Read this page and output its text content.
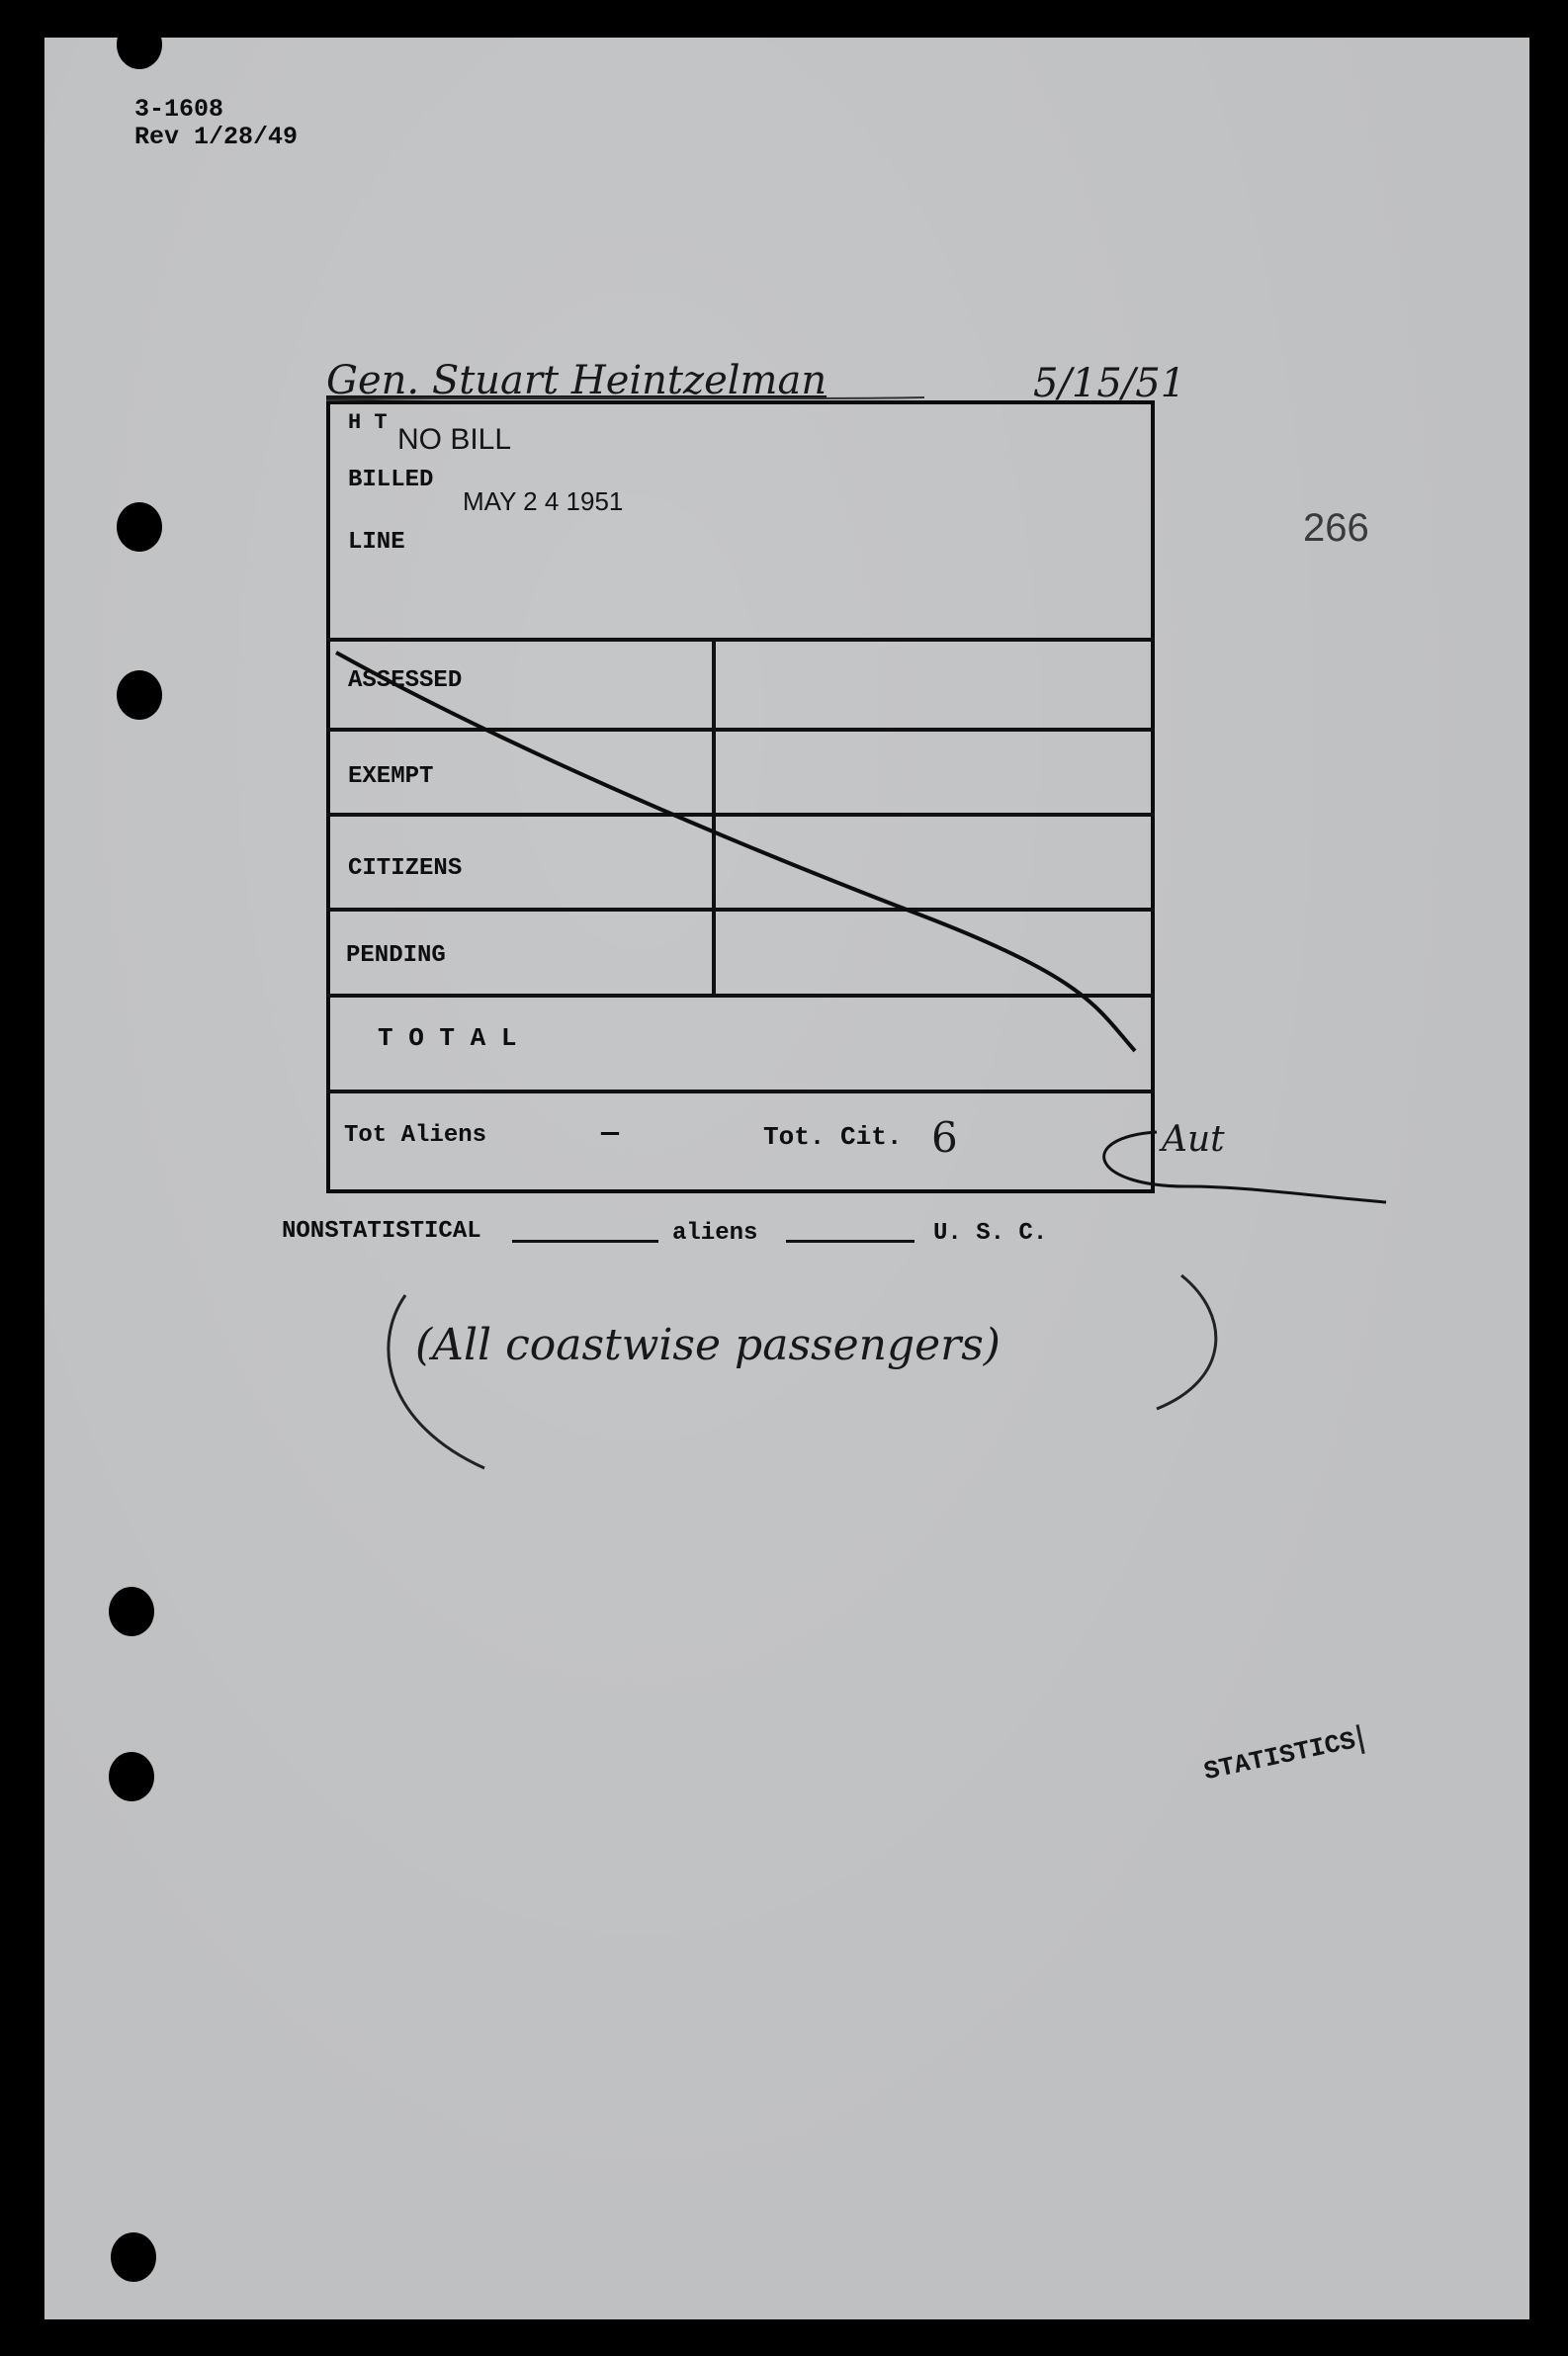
3-1608
Rev 1/28/49
Gen. Stuart Heintzelman	5/15/51
266
H T
NO BILL
BILLED
MAY 2 4 1951
LINE
ASSESSED
EXEMPT
CITIZENS
PENDING
T O T A L
Tot Aliens	—	Tot. Cit. 6	Aut
NONSTATISTICAL	aliens	U. S. C.
(All coastwise passengers)
STATISTICS
